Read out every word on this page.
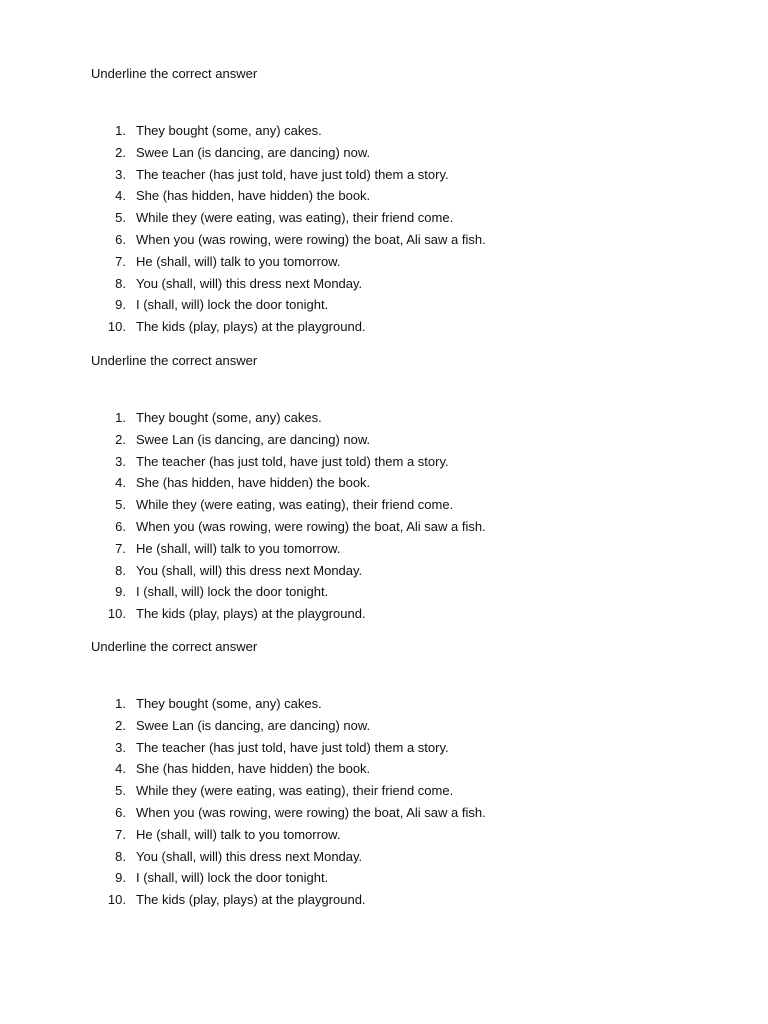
Underline the correct answer
1. They bought (some, any) cakes.
2. Swee Lan (is dancing, are dancing) now.
3. The teacher (has just told, have just told) them a story.
4. She (has hidden, have hidden) the book.
5. While they (were eating, was eating), their friend come.
6. When you (was rowing, were rowing) the boat, Ali saw a fish.
7. He (shall, will) talk to you tomorrow.
8. You (shall, will) this dress next Monday.
9. I (shall, will) lock the door tonight.
10. The kids (play, plays) at the playground.
Underline the correct answer
1. They bought (some, any) cakes.
2. Swee Lan (is dancing, are dancing) now.
3. The teacher (has just told, have just told) them a story.
4. She (has hidden, have hidden) the book.
5. While they (were eating, was eating), their friend come.
6. When you (was rowing, were rowing) the boat, Ali saw a fish.
7. He (shall, will) talk to you tomorrow.
8. You (shall, will) this dress next Monday.
9. I (shall, will) lock the door tonight.
10. The kids (play, plays) at the playground.
Underline the correct answer
1. They bought (some, any) cakes.
2. Swee Lan (is dancing, are dancing) now.
3. The teacher (has just told, have just told) them a story.
4. She (has hidden, have hidden) the book.
5. While they (were eating, was eating), their friend come.
6. When you (was rowing, were rowing) the boat, Ali saw a fish.
7. He (shall, will) talk to you tomorrow.
8. You (shall, will) this dress next Monday.
9. I (shall, will) lock the door tonight.
10. The kids (play, plays) at the playground.
